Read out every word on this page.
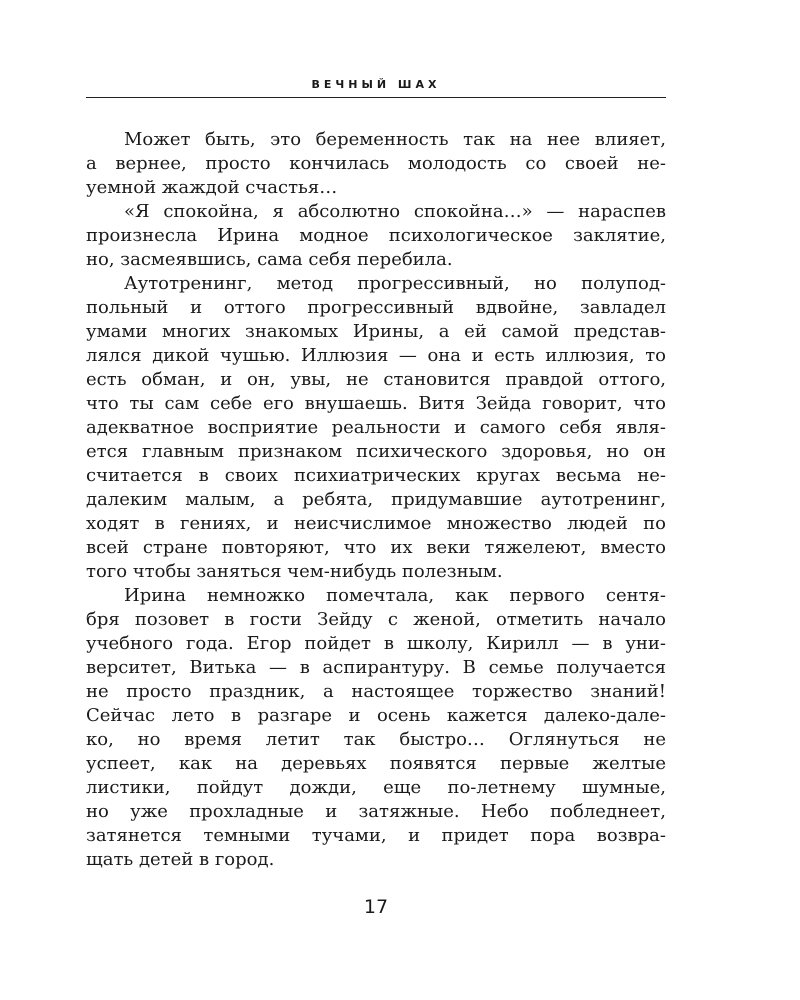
ВЕЧНЫЙ ШАХ
Может быть, это беременность так на нее влияет,
а вернее, просто кончилась молодость со своей не-
уемной жаждой счастья…
«Я спокойна, я абсолютно спокойна…» — нараспев
произнесла Ирина модное психологическое заклятие,
но, засмеявшись, сама себя перебила.
Аутотренинг, метод прогрессивный, но полупод-
польный и оттого прогрессивный вдвойне, завладел
умами многих знакомых Ирины, а ей самой представ-
лялся дикой чушью. Иллюзия — она и есть иллюзия, то
есть обман, и он, увы, не становится правдой оттого,
что ты сам себе его внушаешь. Витя Зейда говорит, что
адекватное восприятие реальности и самого себя явля-
ется главным признаком психического здоровья, но он
считается в своих психиатрических кругах весьма не-
далеким малым, а ребята, придумавшие аутотренинг,
ходят в гениях, и неисчислимое множество людей по
всей стране повторяют, что их веки тяжелеют, вместо
того чтобы заняться чем-нибудь полезным.
Ирина немножко помечтала, как первого сентя-
бря позовет в гости Зейду с женой, отметить начало
учебного года. Егор пойдет в школу, Кирилл — в уни-
верситет, Витька — в аспирантуру. В семье получается
не просто праздник, а настоящее торжество знаний!
Сейчас лето в разгаре и осень кажется далеко-дале-
ко, но время летит так быстро… Оглянуться не
успеет, как на деревьях появятся первые желтые
листики, пойдут дожди, еще по-летнему шумные,
но уже прохладные и затяжные. Небо побледнеет,
затянется темными тучами, и придет пора возвра-
щать детей в город.
17
